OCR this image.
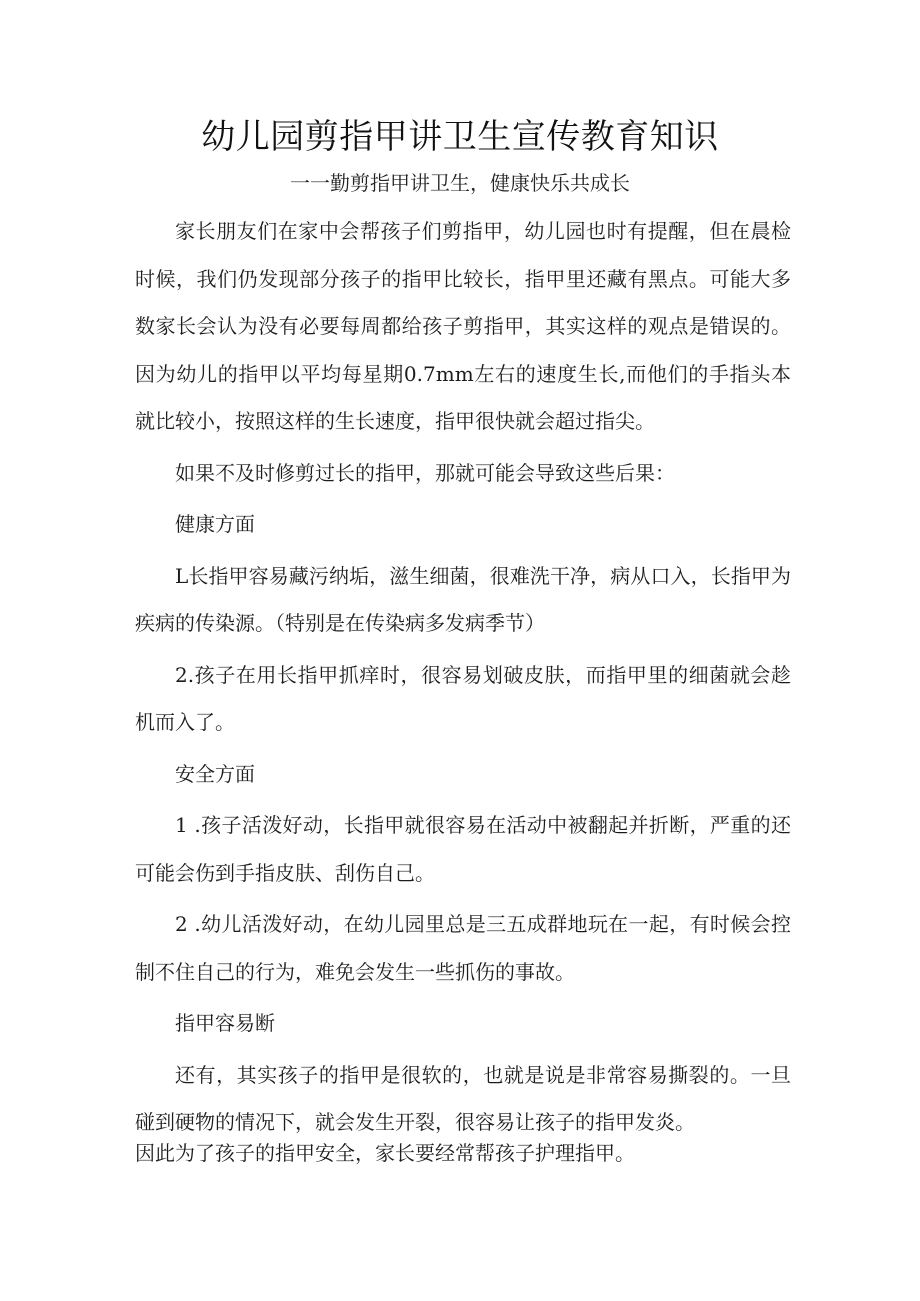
幼儿园剪指甲讲卫生宣传教育知识
一一勤剪指甲讲卫生，健康快乐共成长

家长朋友们在家中会帮孩子们剪指甲，幼儿园也时有提醒，但在晨检时候，我们仍发现部分孩子的指甲比较长，指甲里还藏有黑点。可能大多数家长会认为没有必要每周都给孩子剪指甲，其实这样的观点是错误的。因为幼儿的指甲以平均每星期0.7mm左右的速度生长,而他们的手指头本就比较小，按照这样的生长速度，指甲很快就会超过指尖。

如果不及时修剪过长的指甲，那就可能会导致这些后果：

健康方面

L长指甲容易藏污纳垢，滋生细菌，很难洗干净，病从口入，长指甲为疾病的传染源。（特别是在传染病多发病季节）

2.孩子在用长指甲抓痒时，很容易划破皮肤，而指甲里的细菌就会趁机而入了。

安全方面

1 .孩子活泼好动，长指甲就很容易在活动中被翻起并折断，严重的还可能会伤到手指皮肤、刮伤自己。

2 .幼儿活泼好动，在幼儿园里总是三五成群地玩在一起，有时候会控制不住自己的行为，难免会发生一些抓伤的事故。

指甲容易断

还有，其实孩子的指甲是很软的，也就是说是非常容易撕裂的。一旦碰到硬物的情况下，就会发生开裂，很容易让孩子的指甲发炎。

因此为了孩子的指甲安全，家长要经常帮孩子护理指甲。
